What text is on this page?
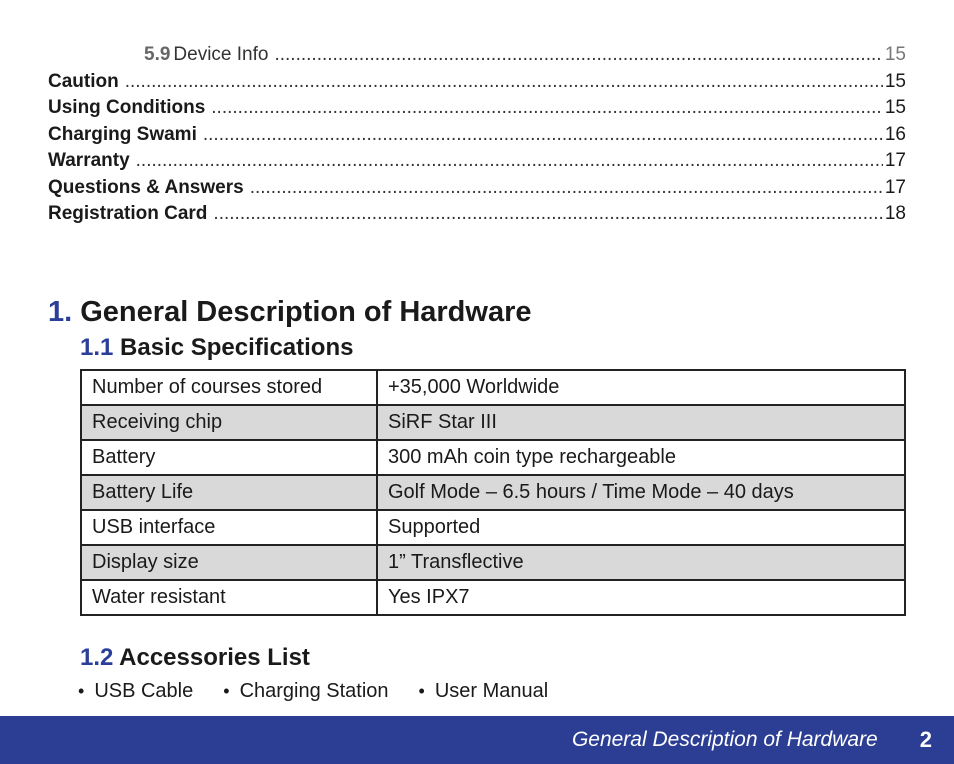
5.9 Device Info .....	15
Caution .....	15
Using Conditions .....	15
Charging Swami .....	16
Warranty .....	17
Questions & Answers .....	17
Registration Card .....	18
1. General Description of Hardware
1.1 Basic Specifications
Number of courses stored	+35,000 Worldwide
Receiving chip	SiRF Star III
Battery	300 mAh coin type rechargeable
Battery Life	Golf Mode – 6.5 hours / Time Mode – 40 days
USB interface	Supported
Display size	1” Transflective
Water resistant	Yes IPX7
1.2 Accessories List
• USB Cable • Charging Station • User Manual
General Description of Hardware 2
